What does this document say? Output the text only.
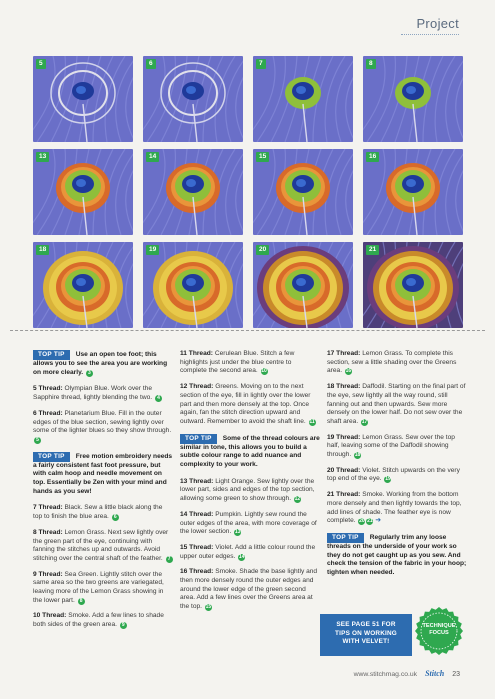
Project
5	6	7	8
13	14	15	16
18	19	20	21
TOP TIP Use an open toe foot; this allows you to see the area you are working on more clearly. 3
5 Thread: Olympian Blue. Work over the Sapphire thread, lightly blending the two. 4
6 Thread: Planetarium Blue. Fill in the outer edges of the blue section, sewing lightly over some of the lighter blues so they show through. 5
TOP TIP Free motion embroidery needs a fairly consistent fast foot pressure, but with calm hoop and needle movement on top. Essentially be Zen with your mind and hands as you sew!
7 Thread: Black. Sew a little black along the top to finish the blue area. 6
8 Thread: Lemon Grass. Next sew lightly over the green part of the eye, continuing with fanning the stitches up and outwards. Avoid stitching over the central shaft of the feather. 7
9 Thread: Sea Green. Lightly stitch over the same area so the two greens are variegated, leaving more of the Lemon Grass showing in the lower part. 8
10 Thread: Smoke. Add a few lines to shade both sides of the green area. 9
11 Thread: Cerulean Blue. Stitch a few highlights just under the blue centre to complete the second area. 10
12 Thread: Greens. Moving on to the next section of the eye, fill in lightly over the lower part and then more densely at the top. Once again, fan the stitch direction upward and outward. Remember to avoid the shaft line. 11
TOP TIP Some of the thread colours are similar in tone, this allows you to build a subtle colour range to add nuance and complexity to your work.
13 Thread: Light Orange. Sew lightly over the lower part, sides and edges of the top section, allowing some green to show through. 12
14 Thread: Pumpkin. Lightly sew round the outer edges of the area, with more coverage of the lower section. 13
15 Thread: Violet. Add a little colour round the upper outer edges. 14
16 Thread: Smoke. Shade the base lightly and then more densely round the outer edges and around the lower edge of the green second area. Add a few lines over the Greens area at the top. 15
17 Thread: Lemon Grass. To complete this section, sew a little shading over the Greens area. 16
18 Thread: Daffodil. Starting on the final part of the eye, sew lightly all the way round, still fanning out and then upwards. Sew more densely on the lower half. Do not sew over the shaft area. 17
19 Thread: Lemon Grass. Sew over the top half, leaving some of the Daffodil showing through. 18
20 Thread: Violet. Stitch upwards on the very top end of the eye. 19
21 Thread: Smoke. Working from the bottom more densely and then lightly towards the top, add lines of shade. The feather eye is now complete. 20 21 ➜
TOP TIP Regularly trim any loose threads on the underside of your work so they do not get caught up as you sew. And check the tension of the fabric in your hoop; tighten when needed.
SEE PAGE 51 FOR
TIPS ON WORKING
WITH VELVET!
TECHNIQUE
FOCUS
www.stitchmag.co.uk Stitch 23
